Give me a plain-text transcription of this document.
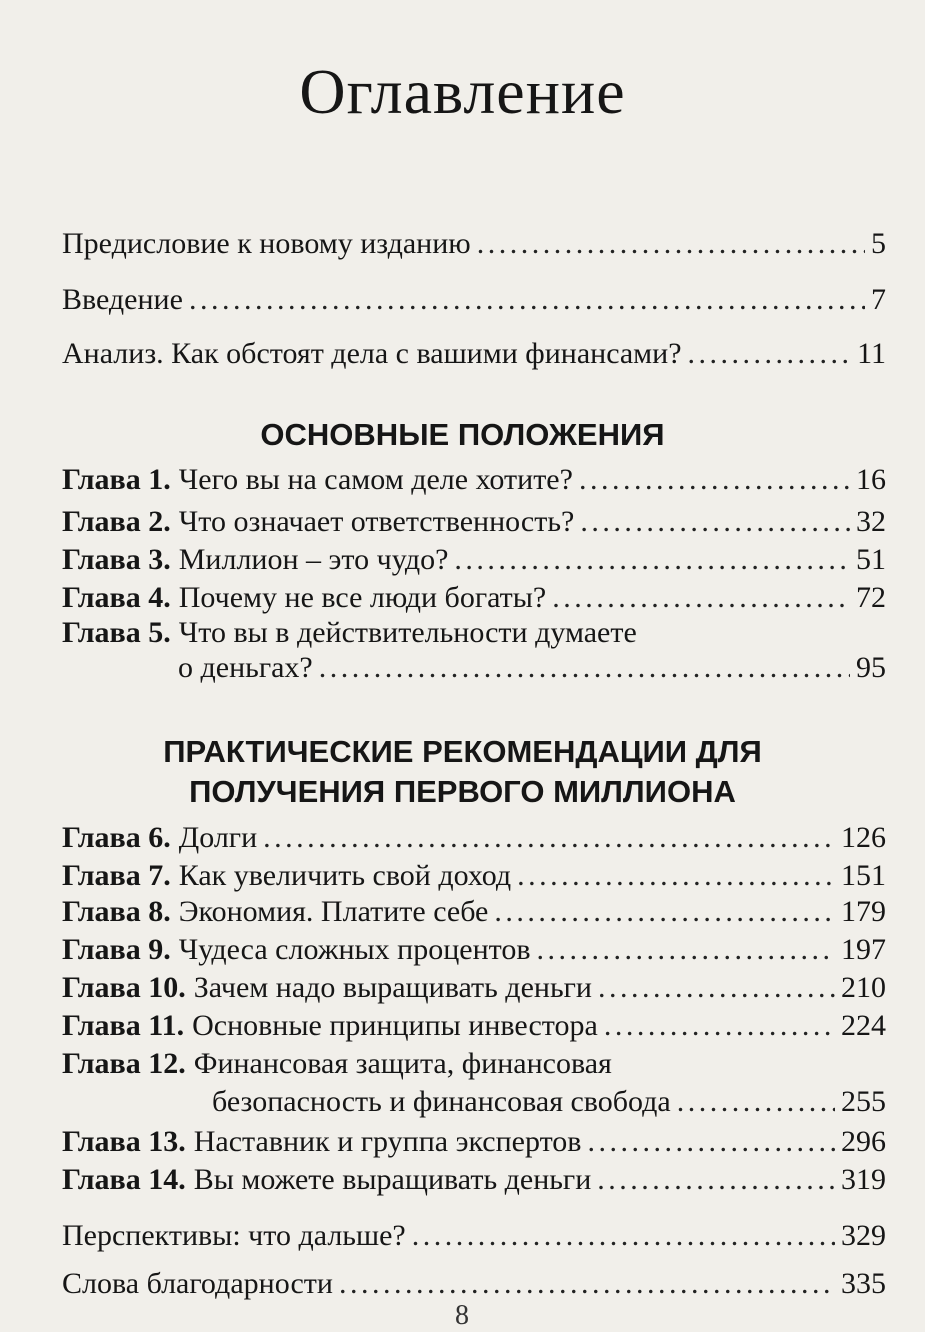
Оглавление
Предисловие к новому изданию . . .	5
Введение . . .	7
Анализ. Как обстоят дела с вашими финансами? . . .	11
ОСНОВНЫЕ ПОЛОЖЕНИЯ
Глава 1. Чего вы на самом деле хотите? . . .	16
Глава 2. Что означает ответственность? . . .	32
Глава 3. Миллион – это чудо? . . .	51
Глава 4. Почему не все люди богаты? . . .	72
Глава 5. Что вы в действительности думаете
о деньгах? . . .	95
ПРАКТИЧЕСКИЕ РЕКОМЕНДАЦИИ ДЛЯ
ПОЛУЧЕНИЯ ПЕРВОГО МИЛЛИОНА
Глава 6. Долги . . .	126
Глава 7. Как увеличить свой доход . . .	151
Глава 8. Экономия. Платите себе . . .	179
Глава 9. Чудеса сложных процентов . . .	197
Глава 10. Зачем надо выращивать деньги . . .	210
Глава 11. Основные принципы инвестора . . .	224
Глава 12. Финансовая защита, финансовая
безопасность и финансовая свобода . . .	255
Глава 13. Наставник и группа экспертов . . .	296
Глава 14. Вы можете выращивать деньги . . .	319
Перспективы: что дальше? . . .	329
Слова благодарности . . .	335
8
